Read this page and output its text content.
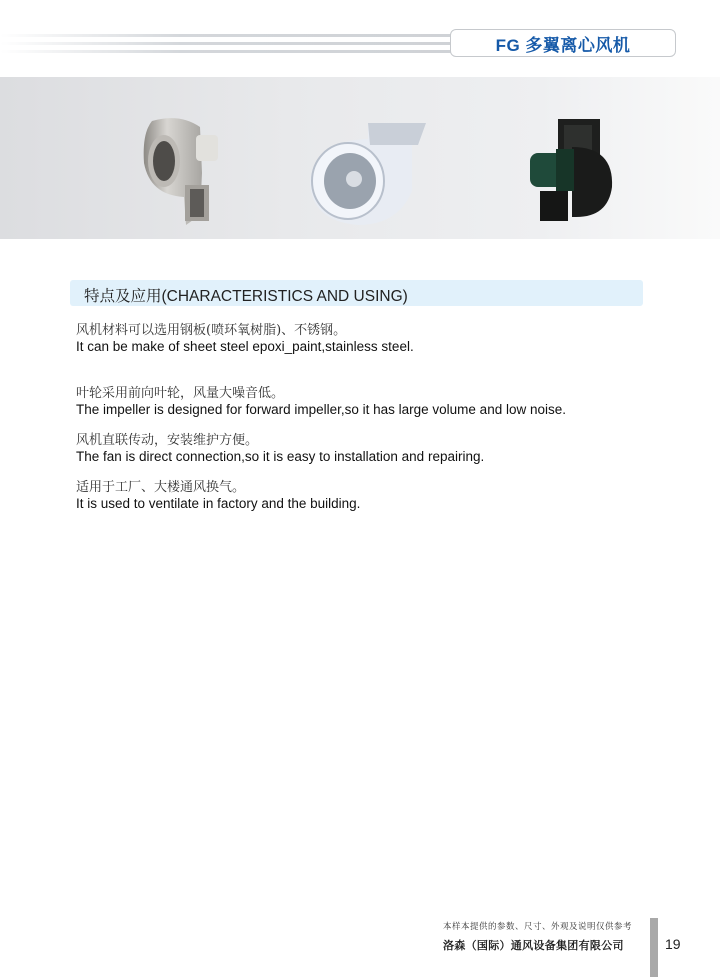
FG 多翼离心风机
特点及应用(CHARACTERISTICS AND USING)
风机材料可以选用钢板(喷环氧树脂)、不锈钢。
It can be make of sheet steel epoxi_paint,stainless steel.
叶轮采用前向叶轮，风量大噪音低。
The impeller is designed for forward impeller,so it has large volume and low noise.
风机直联传动，安装维护方便。
The fan is direct connection,so it is easy to installation and repairing.
适用于工厂、大楼通风换气。
It is used to ventilate in factory and the building.
本样本提供的参数、尺寸、外观及说明仅供参考
洛森（国际）通风设备集团有限公司	19
